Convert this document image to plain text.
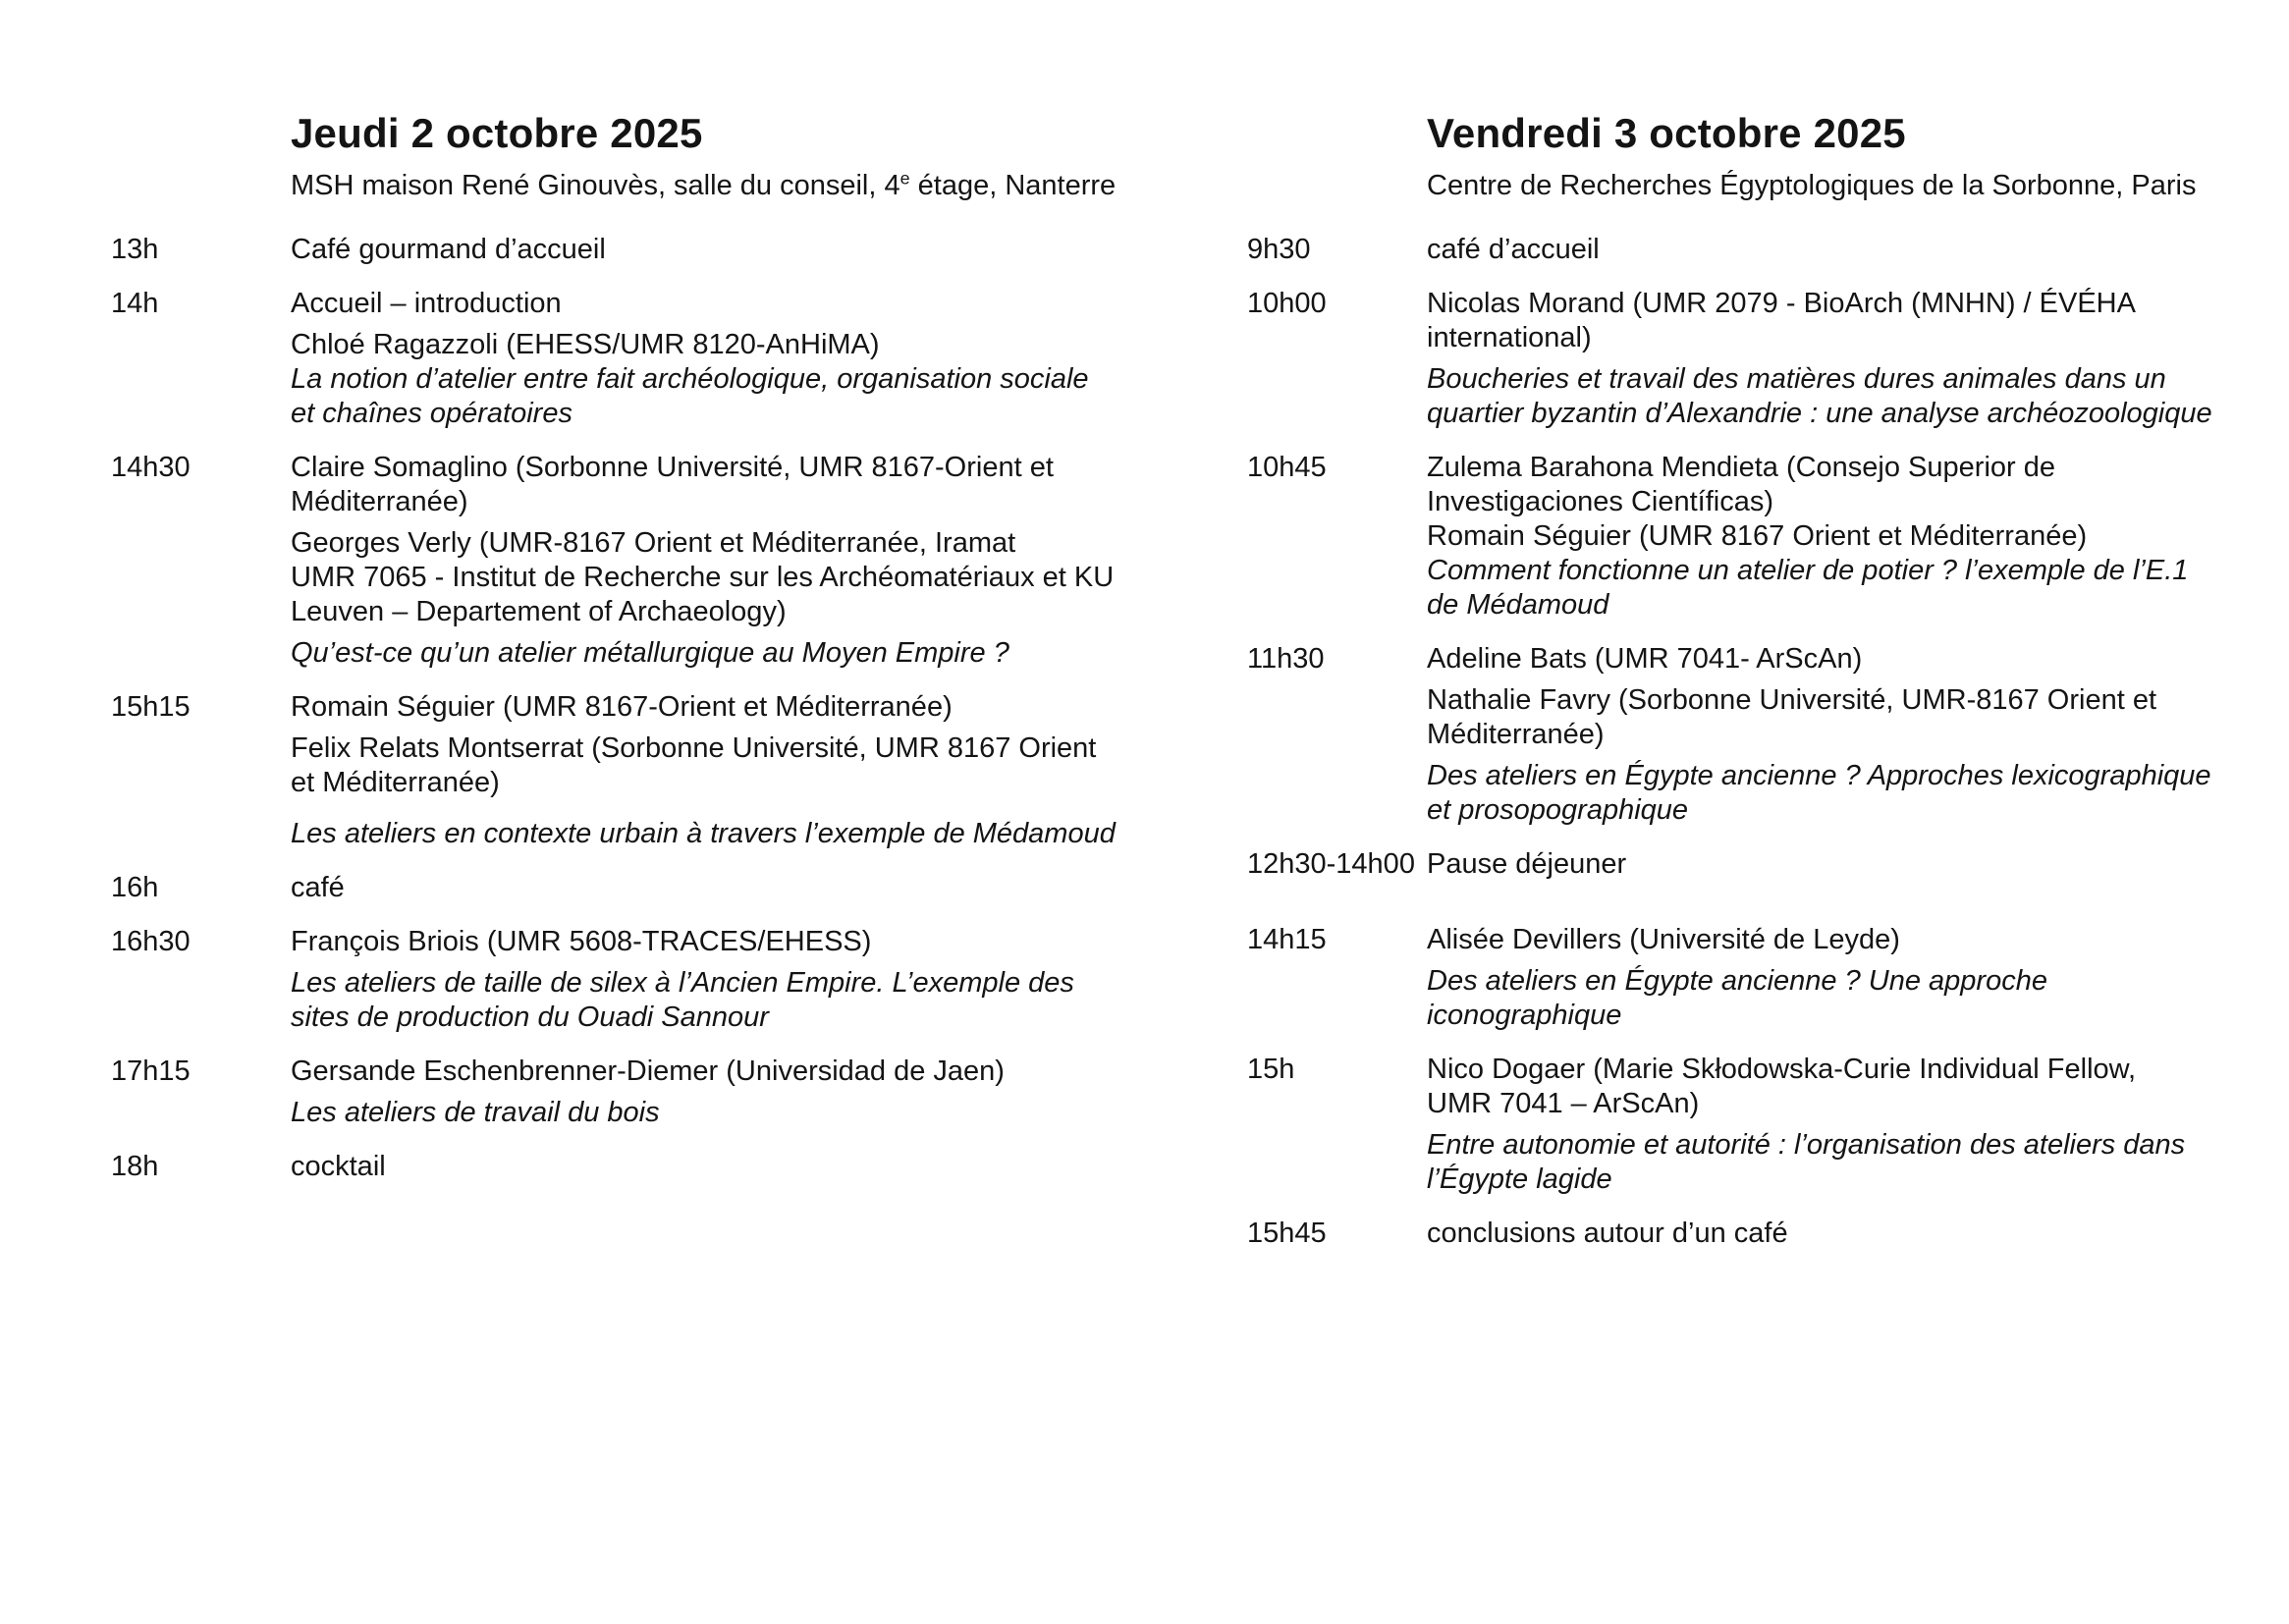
Jeudi 2 octobre 2025

MSH maison René Ginouvès, salle du conseil, 4e étage, Nanterre

13h	Café gourmand d’accueil

14h	Accueil – introduction

Chloé Ragazzoli (EHESS/UMR 8120-AnHiMA)

La notion d’atelier entre fait archéologique, organisation sociale
et chaînes opératoires

14h30	Claire Somaglino (Sorbonne Université, UMR 8167-Orient et
Méditerranée)

Georges Verly (UMR-8167 Orient et Méditerranée, Iramat
UMR 7065 - Institut de Recherche sur les Archéomatériaux et KU
Leuven – Departement of Archaeology)

Qu’est-ce qu’un atelier métallurgique au Moyen Empire ?

15h15	Romain Séguier (UMR 8167-Orient et Méditerranée)

Felix Relats Montserrat (Sorbonne Université, UMR 8167 Orient
et Méditerranée)

Les ateliers en contexte urbain à travers l’exemple de Médamoud

16h	café

16h30	François Briois (UMR 5608-TRACES/EHESS)

Les ateliers de taille de silex à l’Ancien Empire. L’exemple des
sites de production du Ouadi Sannour

17h15	Gersande Eschenbrenner-Diemer (Universidad de Jaen)

Les ateliers de travail du bois

18h	cocktail

Vendredi 3 octobre 2025

Centre de Recherches Égyptologiques de la Sorbonne, Paris

9h30	café d’accueil

10h00	Nicolas Morand (UMR 2079 - BioArch (MNHN) / ÉVÉHA
international)

Boucheries et travail des matières dures animales dans un
quartier byzantin d’Alexandrie : une analyse archéozoologique

10h45	Zulema Barahona Mendieta (Consejo Superior de
Investigaciones Científicas)

Romain Séguier (UMR 8167 Orient et Méditerranée)

Comment fonctionne un atelier de potier ? l’exemple de l’E.1
de Médamoud

11h30	Adeline Bats (UMR 7041- ArScAn)

Nathalie Favry (Sorbonne Université, UMR-8167 Orient et
Méditerranée)

Des ateliers en Égypte ancienne ? Approches lexicographique
et prosopographique

12h30-14h00 Pause déjeuner

14h15	Alisée Devillers (Université de Leyde)

Des ateliers en Égypte ancienne ? Une approche
iconographique

15h	Nico Dogaer (Marie Skłodowska-Curie Individual Fellow,
UMR 7041 – ArScAn)

Entre autonomie et autorité : l’organisation des ateliers dans
l’Égypte lagide

15h45	conclusions autour d’un café
